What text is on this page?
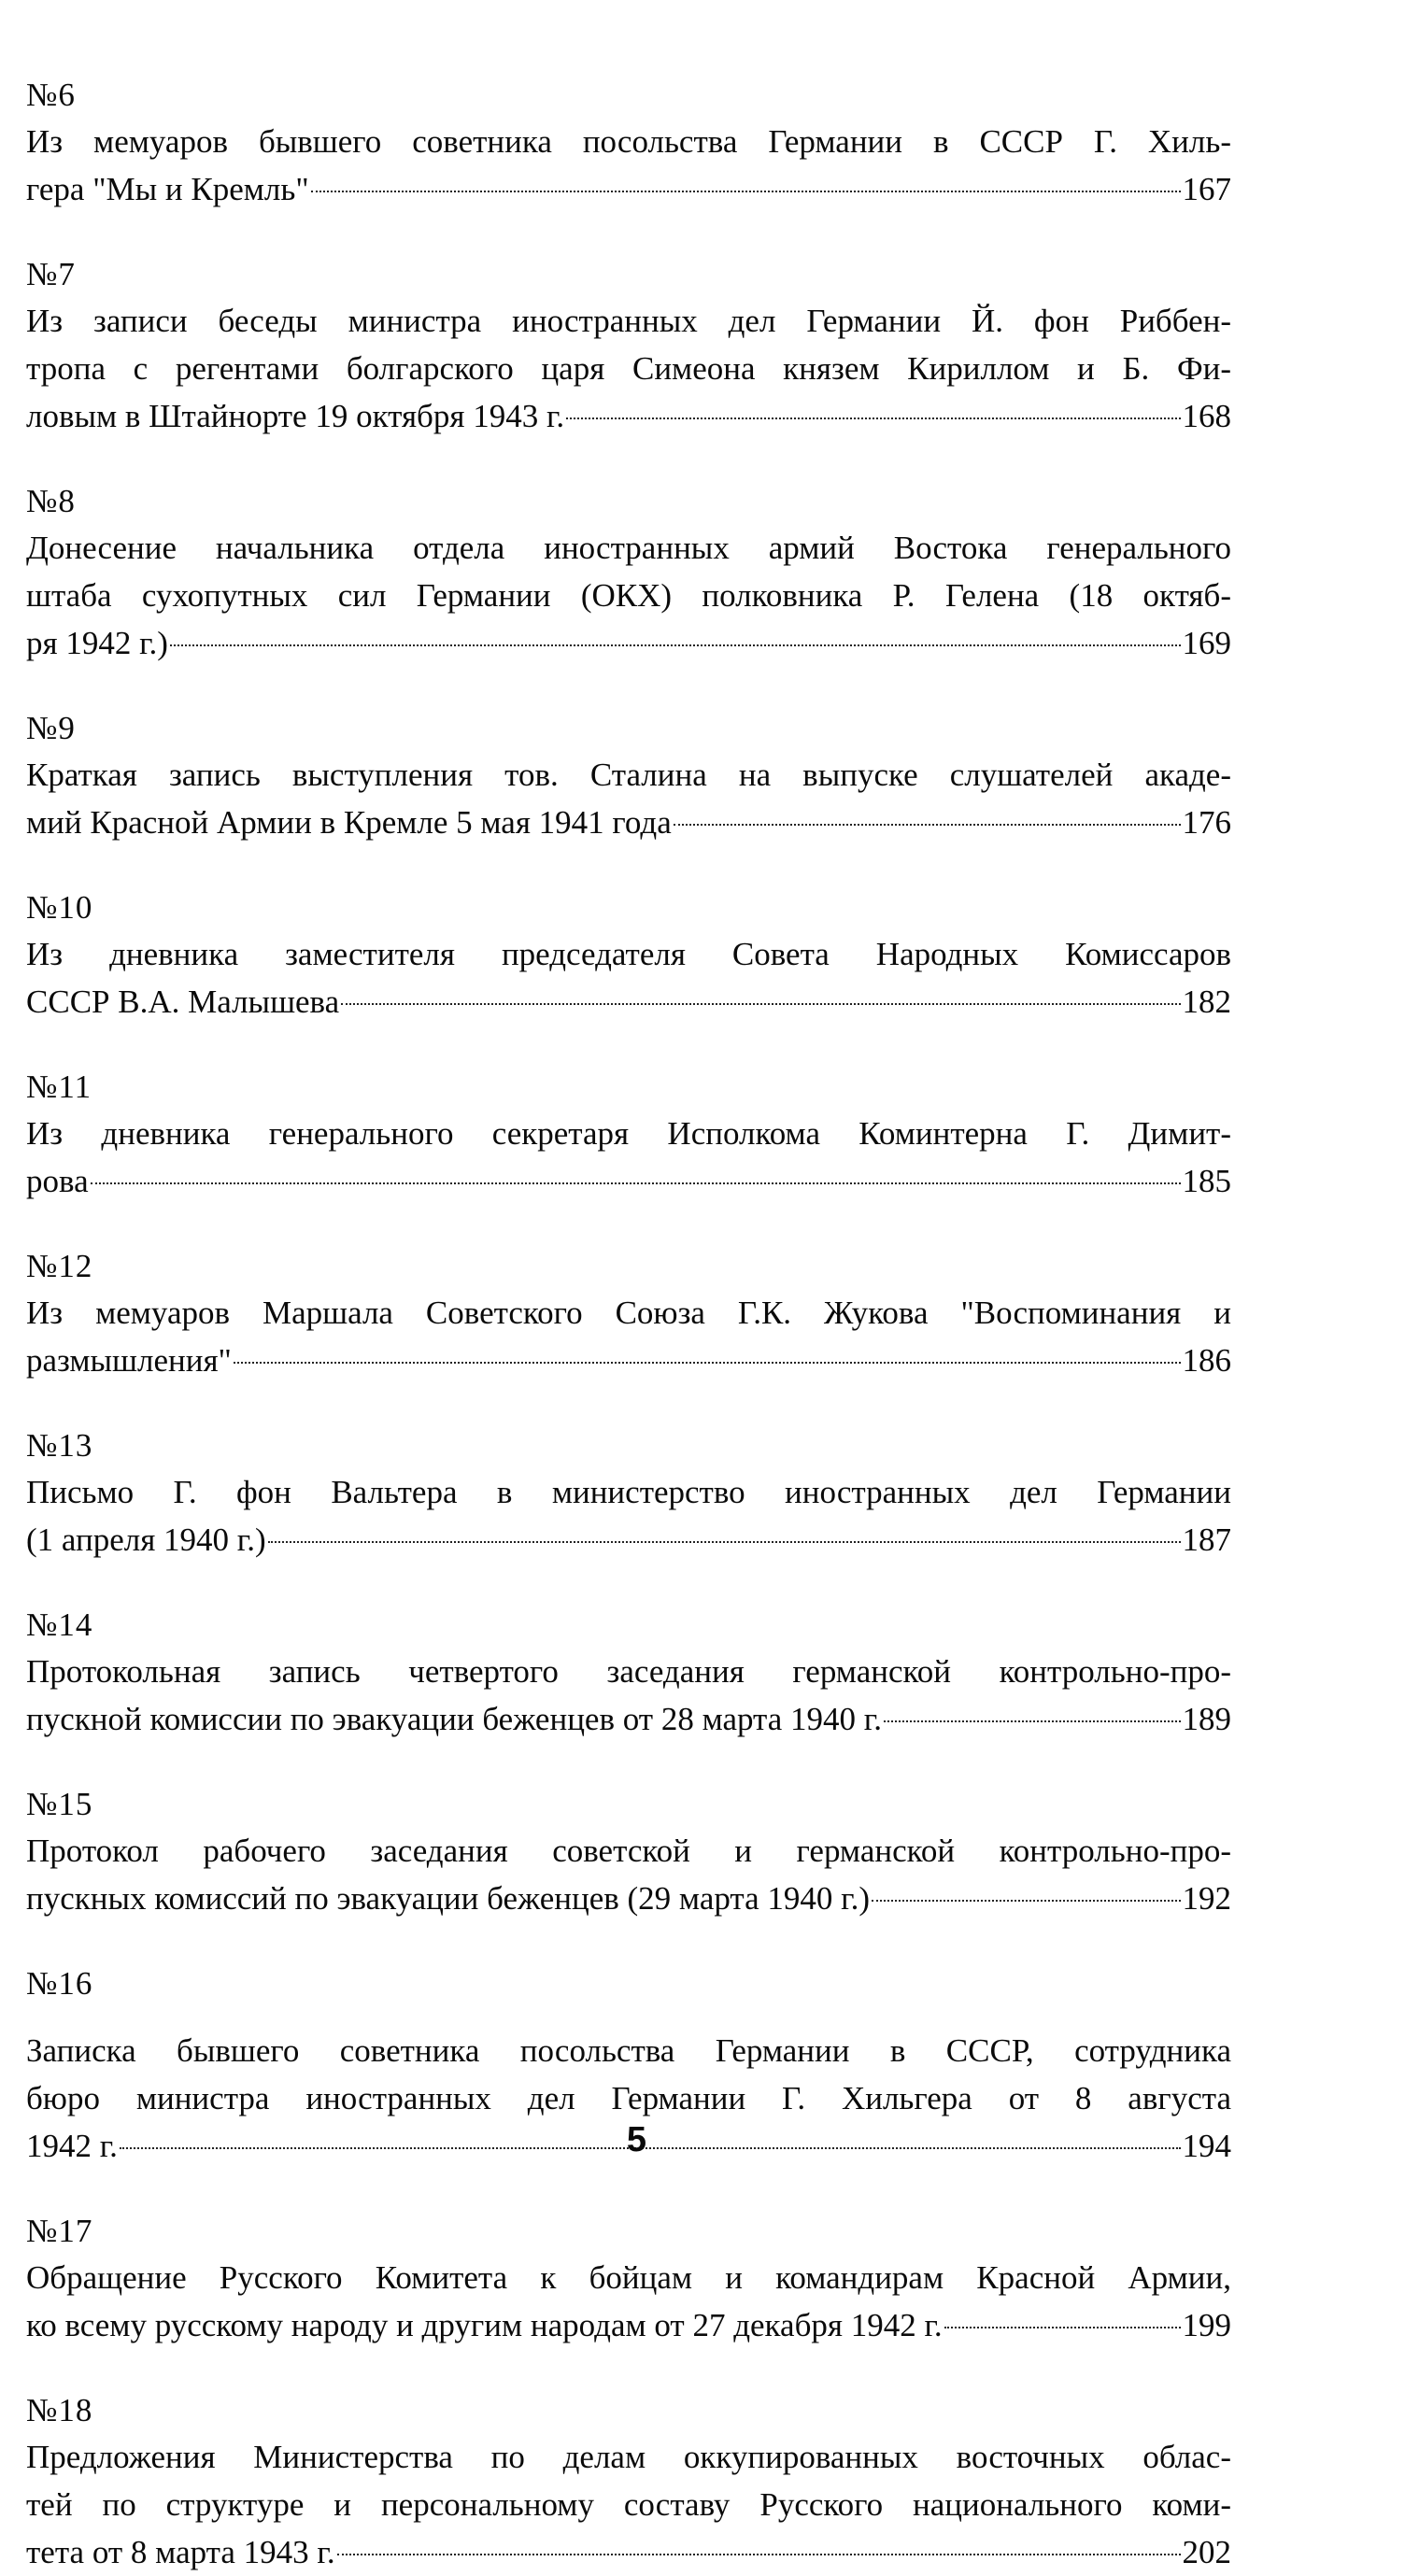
№6
Из мемуаров бывшего советника посольства Германии в СССР Г. Хиль-
гера "Мы и Кремль"	167
№7
Из записи беседы министра иностранных дел Германии Й. фон Риббен-
тропа с регентами болгарского царя Симеона князем Кириллом и Б. Фи-
ловым в Штайнорте 19 октября 1943 г.	168
№8
Донесение начальника отдела иностранных армий Востока генерального
штаба сухопутных сил Германии (ОКХ) полковника Р. Гелена (18 октяб-
ря 1942 г.)	169
№9
Краткая запись выступления тов. Сталина на выпуске слушателей акаде-
мий Красной Армии в Кремле 5 мая 1941 года	176
№10
Из дневника заместителя председателя Совета Народных Комиссаров
СССР В.А. Малышева	182
№11
Из дневника генерального секретаря Исполкома Коминтерна Г. Димит-
рова	185
№12
Из мемуаров Маршала Советского Союза Г.К. Жукова "Воспоминания и
размышления"	186
№13
Письмо Г. фон Вальтера в министерство иностранных дел Германии
(1 апреля 1940 г.)	187
№14
Протокольная запись четвертого заседания германской контрольно-про-
пускной комиссии по эвакуации беженцев от 28 марта 1940 г.	189
№15
Протокол рабочего заседания советской и германской контрольно-про-
пускных комиссий по эвакуации беженцев (29 марта 1940 г.)	192
№16
Записка бывшего советника посольства Германии в СССР, сотрудника
бюро министра иностранных дел Германии Г. Хильгера от 8 августа
1942 г.	194
№17
Обращение Русского Комитета к бойцам и командирам Красной Армии,
ко всему русскому народу и другим народам от 27 декабря 1942 г.	199
№18
Предложения Министерства по делам оккупированных восточных облас-
тей по структуре и персональному составу Русского национального коми-
тета от 8 марта 1943 г.	202
5
